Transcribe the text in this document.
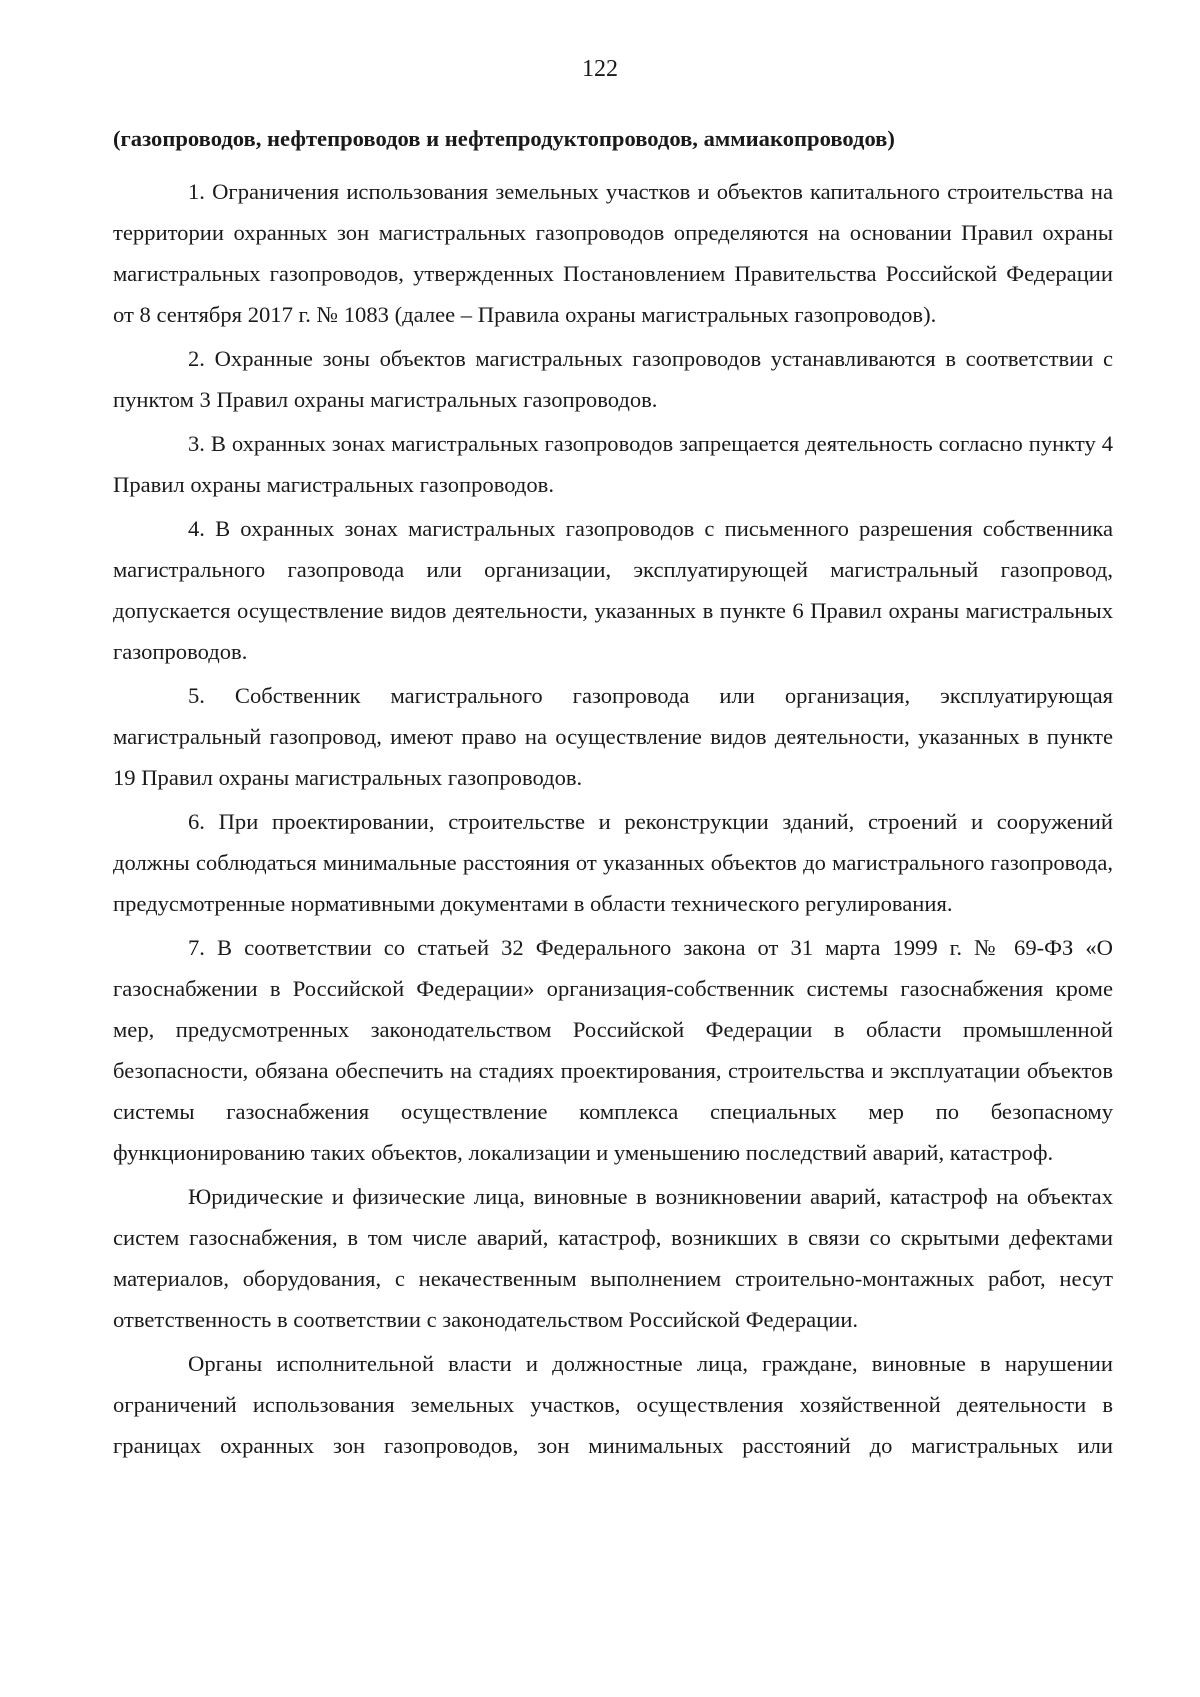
122
(газопроводов, нефтепроводов и нефтепродуктопроводов, аммиакопроводов)

1. Ограничения использования земельных участков и объектов капитального строительства на территории охранных зон магистральных газопроводов определяются на основании Правил охраны магистральных газопроводов, утвержденных Постановлением Правительства Российской Федерации от 8 сентября 2017 г. № 1083 (далее – Правила охраны магистральных газопроводов).

2. Охранные зоны объектов магистральных газопроводов устанавливаются в соответствии с пунктом 3 Правил охраны магистральных газопроводов.

3. В охранных зонах магистральных газопроводов запрещается деятельность согласно пункту 4 Правил охраны магистральных газопроводов.

4. В охранных зонах магистральных газопроводов с письменного разрешения собственника магистрального газопровода или организации, эксплуатирующей магистральный газопровод, допускается осуществление видов деятельности, указанных в пункте 6 Правил охраны магистральных газопроводов.

5. Собственник магистрального газопровода или организация, эксплуатирующая магистральный газопровод, имеют право на осуществление видов деятельности, указанных в пункте 19 Правил охраны магистральных газопроводов.

6. При проектировании, строительстве и реконструкции зданий, строений и сооружений должны соблюдаться минимальные расстояния от указанных объектов до магистрального газопровода, предусмотренные нормативными документами в области технического регулирования.

7. В соответствии со статьей 32 Федерального закона от 31 марта 1999 г. № 69-ФЗ «О газоснабжении в Российской Федерации» организация-собственник системы газоснабжения кроме мер, предусмотренных законодательством Российской Федерации в области промышленной безопасности, обязана обеспечить на стадиях проектирования, строительства и эксплуатации объектов системы газоснабжения осуществление комплекса специальных мер по безопасному функционированию таких объектов, локализации и уменьшению последствий аварий, катастроф.

Юридические и физические лица, виновные в возникновении аварий, катастроф на объектах систем газоснабжения, в том числе аварий, катастроф, возникших в связи со скрытыми дефектами материалов, оборудования, с некачественным выполнением строительно-монтажных работ, несут ответственность в соответствии с законодательством Российской Федерации.

Органы исполнительной власти и должностные лица, граждане, виновные в нарушении ограничений использования земельных участков, осуществления хозяйственной деятельности в границах охранных зон газопроводов, зон минимальных расстояний до магистральных или
